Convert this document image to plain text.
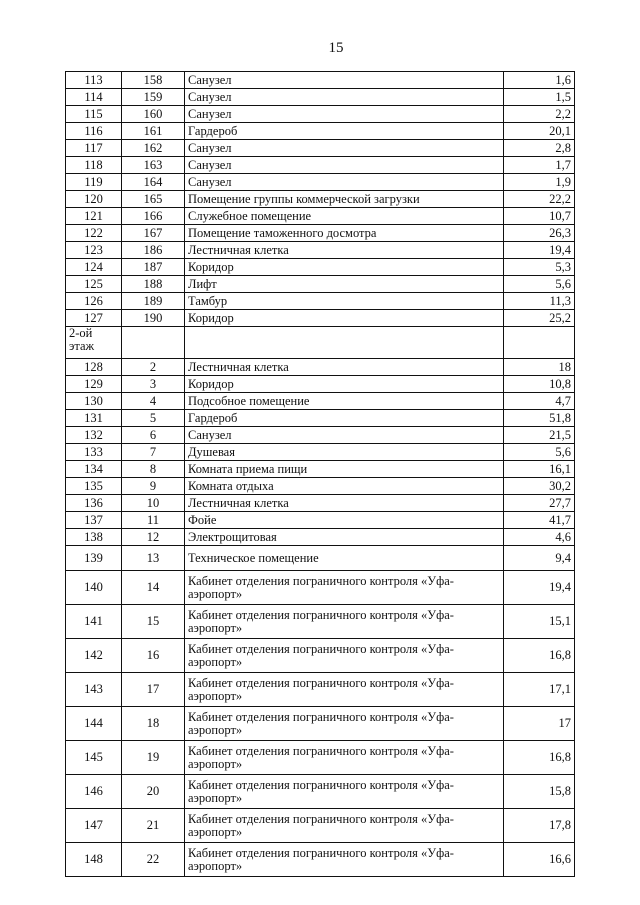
15
113	158	Санузел	1,6
114	159	Санузел	1,5
115	160	Санузел	2,2
116	161	Гардероб	20,1
117	162	Санузел	2,8
118	163	Санузел	1,7
119	164	Санузел	1,9
120	165	Помещение группы коммерческой загрузки	22,2
121	166	Служебное помещение	10,7
122	167	Помещение таможенного досмотра	26,3
123	186	Лестничная клетка	19,4
124	187	Коридор	5,3
125	188	Лифт	5,6
126	189	Тамбур	11,3
127	190	Коридор	25,2

2-ой
этаж			

128	2	Лестничная клетка	18
129	3	Коридор	10,8
130	4	Подсобное помещение	4,7
131	5	Гардероб	51,8
132	6	Санузел	21,5
133	7	Душевая	5,6
134	8	Комната приема пищи	16,1
135	9	Комната отдыха	30,2
136	10	Лестничная клетка	27,7
137	11	Фойе	41,7
138	12	Электрощитовая	4,6
139	13	Техническое помещение	9,4
140	14	Кабинет отделения пограничного контроля «Уфа-аэропорт»	19,4
141	15	Кабинет отделения пограничного контроля «Уфа-аэропорт»	15,1
142	16	Кабинет отделения пограничного контроля «Уфа-аэропорт»	16,8
143	17	Кабинет отделения пограничного контроля «Уфа-аэропорт»	17,1
144	18	Кабинет отделения пограничного контроля «Уфа-аэропорт»	17
145	19	Кабинет отделения пограничного контроля «Уфа-аэропорт»	16,8
146	20	Кабинет отделения пограничного контроля «Уфа-аэропорт»	15,8
147	21	Кабинет отделения пограничного контроля «Уфа-аэропорт»	17,8
148	22	Кабинет отделения пограничного контроля «Уфа-аэропорт»	16,6
